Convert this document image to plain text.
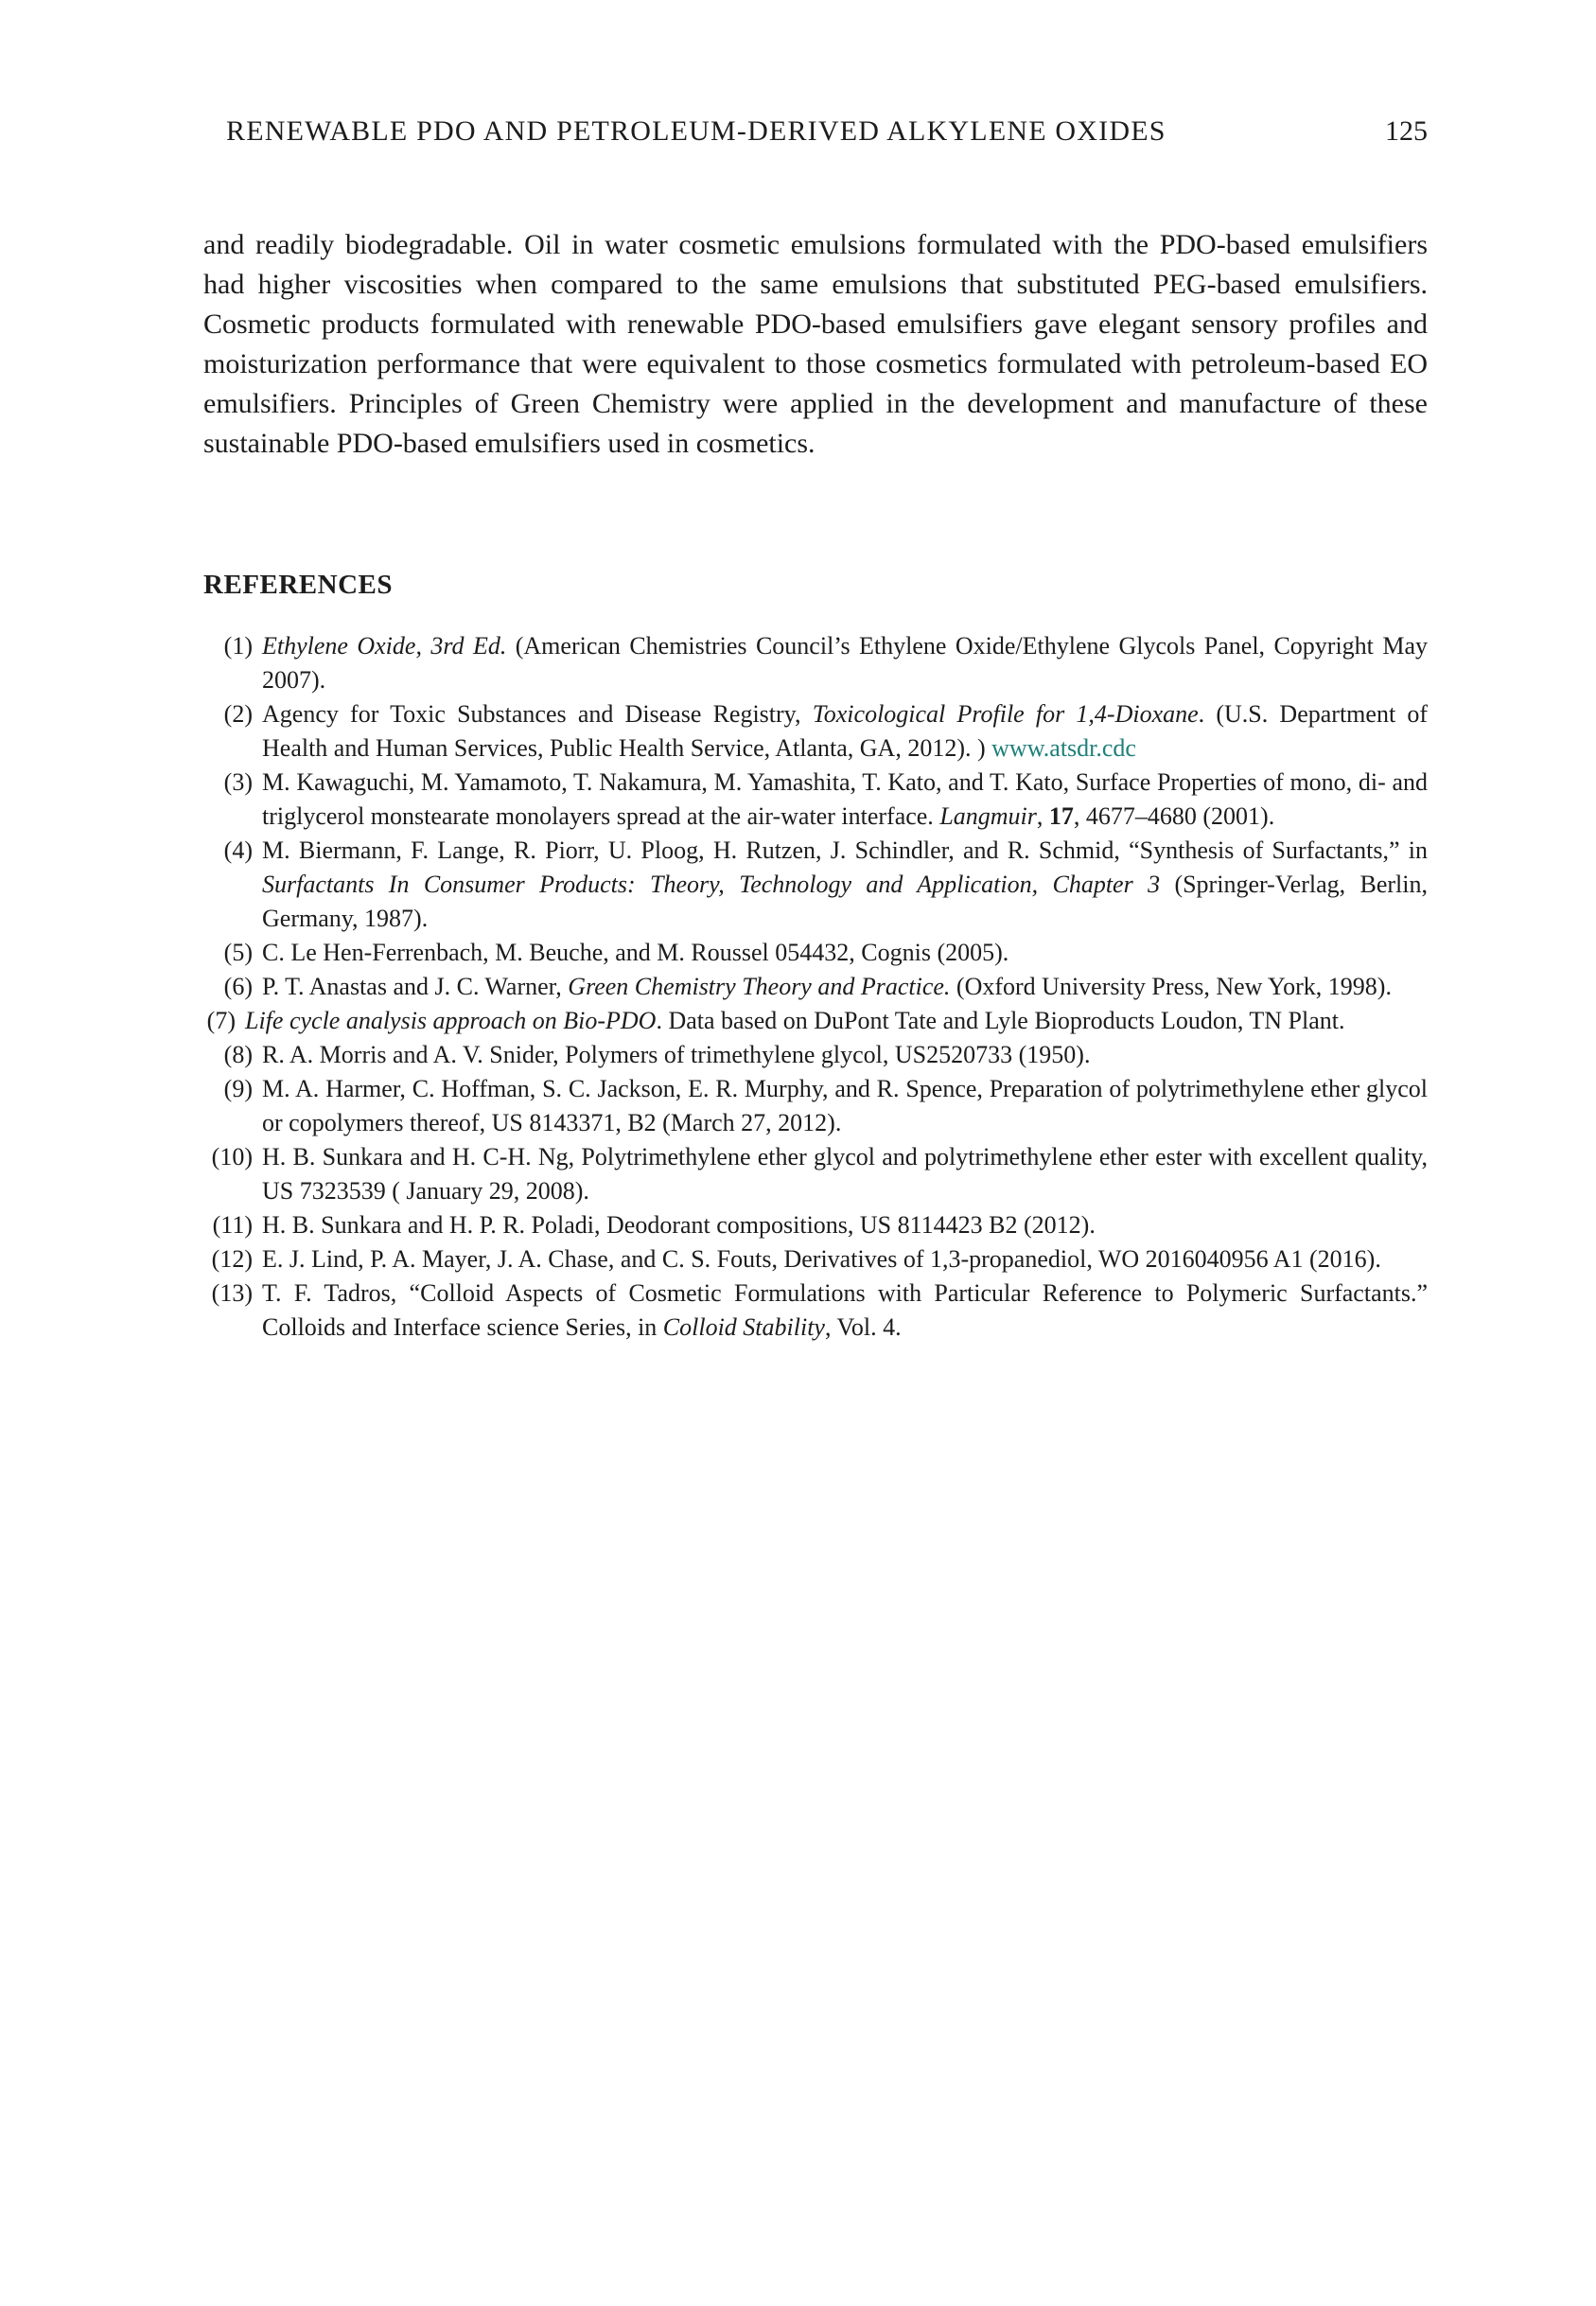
RENEWABLE PDO AND PETROLEUM-DERIVED ALKYLENE OXIDES	125

and readily biodegradable. Oil in water cosmetic emulsions formulated with the PDO-based emulsifiers had higher viscosities when compared to the same emulsions that substituted PEG-based emulsifiers. Cosmetic products formulated with renewable PDO-based emulsifiers gave elegant sensory profiles and moisturization performance that were equivalent to those cosmetics formulated with petroleum-based EO emulsifiers. Principles of Green Chemistry were applied in the development and manufacture of these sustainable PDO-based emulsifiers used in cosmetics.

REFERENCES
(1) Ethylene Oxide, 3rd Ed. (American Chemistries Council’s Ethylene Oxide/Ethylene Glycols Panel, Copyright May 2007).
(2) Agency for Toxic Substances and Disease Registry, Toxicological Profile for 1,4-Dioxane. (U.S. Department of Health and Human Services, Public Health Service, Atlanta, GA, 2012). ) www.atsdr.cdc
(3) M. Kawaguchi, M. Yamamoto, T. Nakamura, M. Yamashita, T. Kato, and T. Kato, Surface Properties of mono, di- and triglycerol monstearate monolayers spread at the air-water interface. Langmuir, 17, 4677–4680 (2001).
(4) M. Biermann, F. Lange, R. Piorr, U. Ploog, H. Rutzen, J. Schindler, and R. Schmid, “Synthesis of Surfactants,” in Surfactants In Consumer Products: Theory, Technology and Application, Chapter 3 (Springer-Verlag, Berlin, Germany, 1987).
(5) C. Le Hen-Ferrenbach, M. Beuche, and M. Roussel 054432, Cognis (2005).
(6) P. T. Anastas and J. C. Warner, Green Chemistry Theory and Practice. (Oxford University Press, New York, 1998).
(7) Life cycle analysis approach on Bio-PDO. Data based on DuPont Tate and Lyle Bioproducts Loudon, TN Plant.
(8) R. A. Morris and A. V. Snider, Polymers of trimethylene glycol, US2520733 (1950).
(9) M. A. Harmer, C. Hoffman, S. C. Jackson, E. R. Murphy, and R. Spence, Preparation of polytrimethylene ether glycol or copolymers thereof, US 8143371, B2 (March 27, 2012).
(10) H. B. Sunkara and H. C-H. Ng, Polytrimethylene ether glycol and polytrimethylene ether ester with excellent quality, US 7323539 ( January 29, 2008).
(11) H. B. Sunkara and H. P. R. Poladi, Deodorant compositions, US 8114423 B2 (2012).
(12) E. J. Lind, P. A. Mayer, J. A. Chase, and C. S. Fouts, Derivatives of 1,3-propanediol, WO 2016040956 A1 (2016).
(13) T. F. Tadros, “Colloid Aspects of Cosmetic Formulations with Particular Reference to Polymeric Surfactants.” Colloids and Interface science Series, in Colloid Stability, Vol. 4.
